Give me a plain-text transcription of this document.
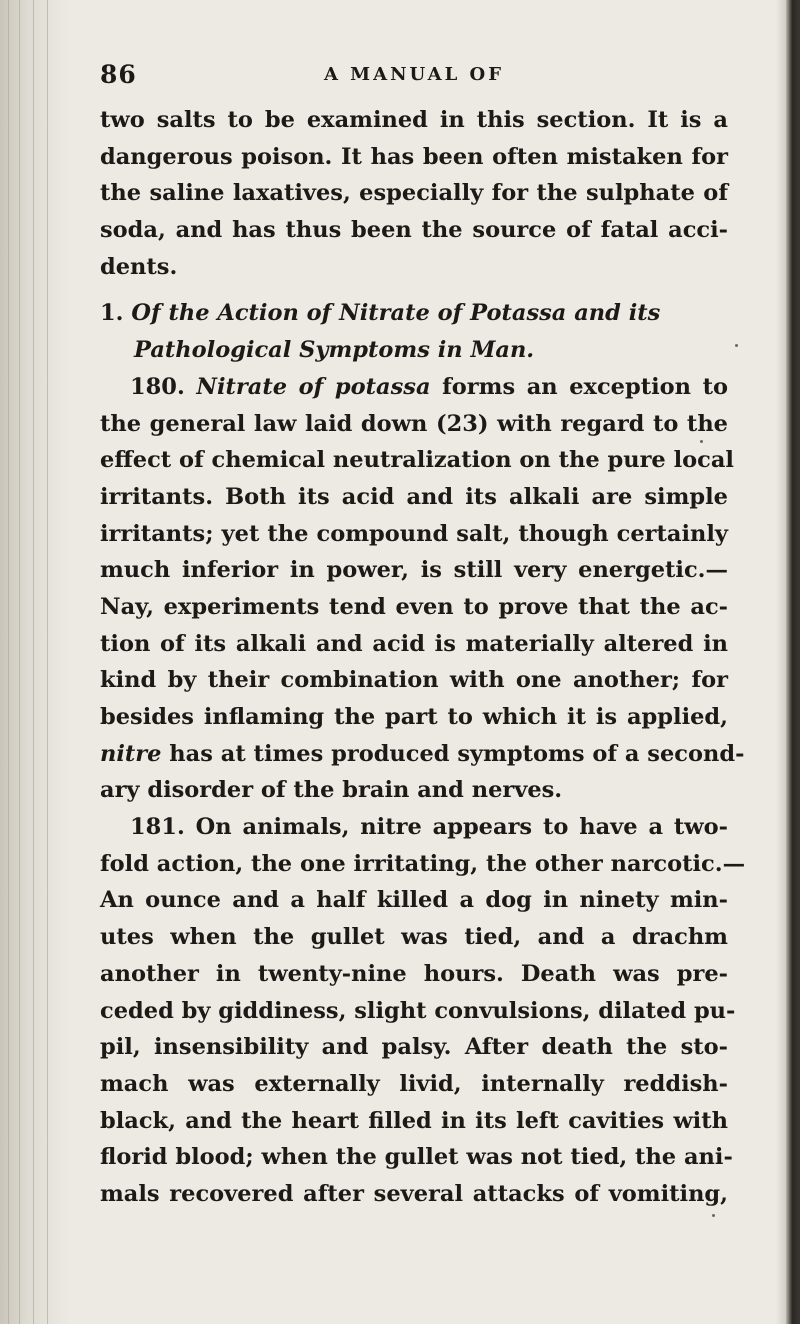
86	A MANUAL OF
two salts to be examined in this section. It is a
dangerous poison. It has been often mistaken for
the saline laxatives, especially for the sulphate of
soda, and has thus been the source of fatal acci-
dents.
1. Of the Action of Nitrate of Potassa and its
Pathological Symptoms in Man.
180. Nitrate of potassa forms an exception to
the general law laid down (23) with regard to the
effect of chemical neutralization on the pure local
irritants. Both its acid and its alkali are simple
irritants; yet the compound salt, though certainly
much inferior in power, is still very energetic.—
Nay, experiments tend even to prove that the ac-
tion of its alkali and acid is materially altered in
kind by their combination with one another; for
besides inflaming the part to which it is applied,
nitre has at times produced symptoms of a second-
ary disorder of the brain and nerves.
181. On animals, nitre appears to have a two-
fold action, the one irritating, the other narcotic.—
An ounce and a half killed a dog in ninety min-
utes when the gullet was tied, and a drachm
another in twenty-nine hours. Death was pre-
ceded by giddiness, slight convulsions, dilated pu-
pil, insensibility and palsy. After death the sto-
mach was externally livid, internally reddish-
black, and the heart filled in its left cavities with
florid blood; when the gullet was not tied, the ani-
mals recovered after several attacks of vomiting,
